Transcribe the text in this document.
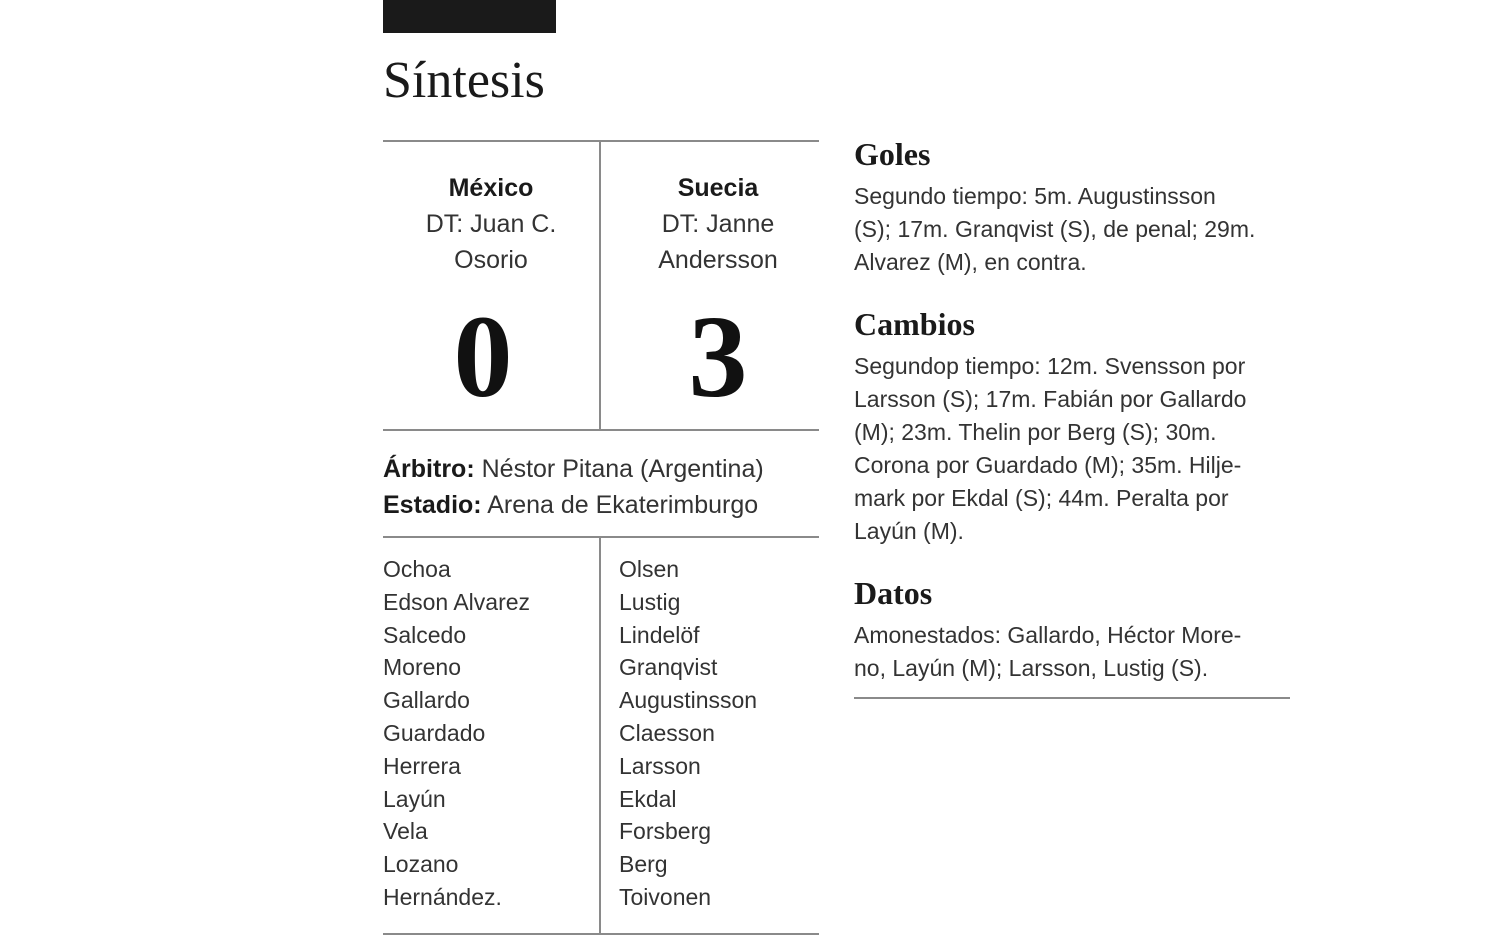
Síntesis
México
DT: Juan C.
Osorio
0
Suecia
DT: Janne
Andersson
3
Árbitro: Néstor Pitana (Argentina)
Estadio: Arena de Ekaterimburgo
Ochoa
Edson Alvarez
Salcedo
Moreno
Gallardo
Guardado
Herrera
Layún
Vela
Lozano
Hernández.
Olsen
Lustig
Lindelöf
Granqvist
Augustinsson
Claesson
Larsson
Ekdal
Forsberg
Berg
Toivonen
Goles
Segundo tiempo: 5m. Augustinsson
(S); 17m. Granqvist (S), de penal; 29m.
Alvarez (M), en contra.
Cambios
Segundop tiempo: 12m. Svensson por
Larsson (S); 17m. Fabián por Gallardo
(M); 23m. Thelin por Berg (S); 30m.
Corona por Guardado (M); 35m. Hilje-
mark por Ekdal (S); 44m. Peralta por
Layún (M).
Datos
Amonestados: Gallardo, Héctor More-
no, Layún (M); Larsson, Lustig (S).
